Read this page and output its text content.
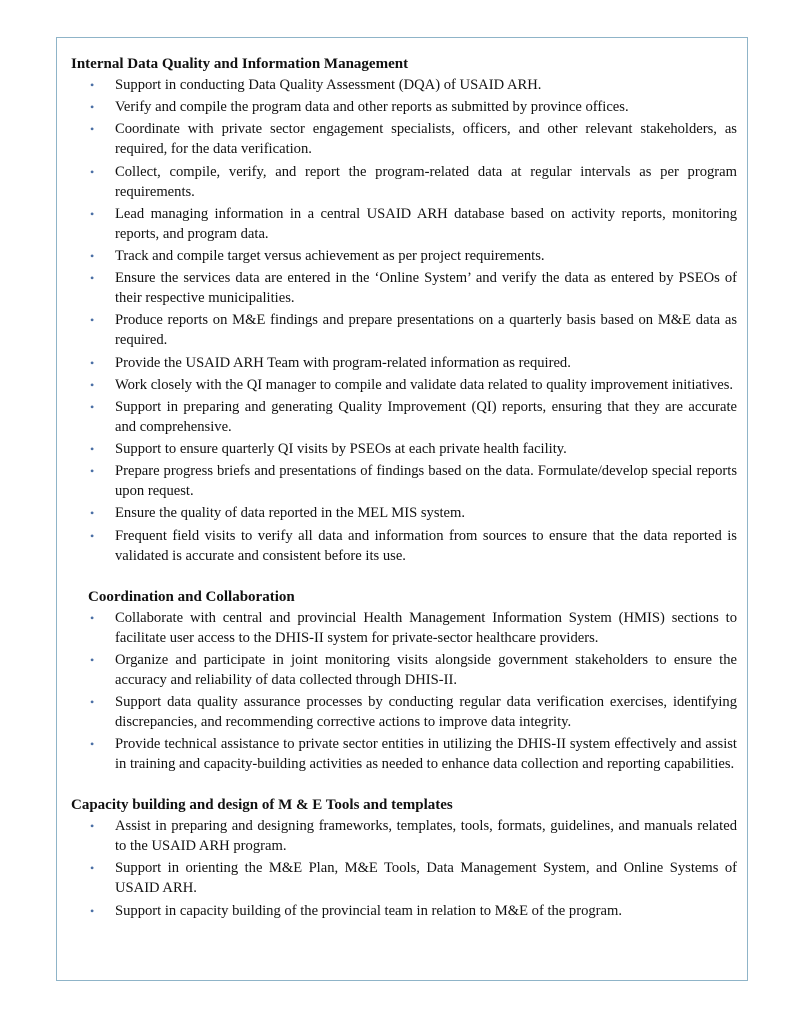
Internal Data Quality and Information Management
• Support in conducting Data Quality Assessment (DQA) of USAID ARH.
• Verify and compile the program data and other reports as submitted by province offices.
• Coordinate with private sector engagement specialists, officers, and other relevant stakeholders, as required, for the data verification.
• Collect, compile, verify, and report the program-related data at regular intervals as per program requirements.
• Lead managing information in a central USAID ARH database based on activity reports, monitoring reports, and program data.
• Track and compile target versus achievement as per project requirements.
• Ensure the services data are entered in the ‘Online System’ and verify the data as entered by PSEOs of their respective municipalities.
• Produce reports on M&E findings and prepare presentations on a quarterly basis based on M&E data as required.
• Provide the USAID ARH Team with program-related information as required.
• Work closely with the QI manager to compile and validate data related to quality improvement initiatives.
• Support in preparing and generating Quality Improvement (QI) reports, ensuring that they are accurate and comprehensive.
• Support to ensure quarterly QI visits by PSEOs at each private health facility.
• Prepare progress briefs and presentations of findings based on the data. Formulate/develop special reports upon request.
• Ensure the quality of data reported in the MEL MIS system.
• Frequent field visits to verify all data and information from sources to ensure that the data reported is validated is accurate and consistent before its use.
Coordination and Collaboration
• Collaborate with central and provincial Health Management Information System (HMIS) sections to facilitate user access to the DHIS-II system for private-sector healthcare providers.
• Organize and participate in joint monitoring visits alongside government stakeholders to ensure the accuracy and reliability of data collected through DHIS-II.
• Support data quality assurance processes by conducting regular data verification exercises, identifying discrepancies, and recommending corrective actions to improve data integrity.
• Provide technical assistance to private sector entities in utilizing the DHIS-II system effectively and assist in training and capacity-building activities as needed to enhance data collection and reporting capabilities.
Capacity building and design of M & E Tools and templates
• Assist in preparing and designing frameworks, templates, tools, formats, guidelines, and manuals related to the USAID ARH program.
• Support in orienting the M&E Plan, M&E Tools, Data Management System, and Online Systems of USAID ARH.
• Support in capacity building of the provincial team in relation to M&E of the program.
